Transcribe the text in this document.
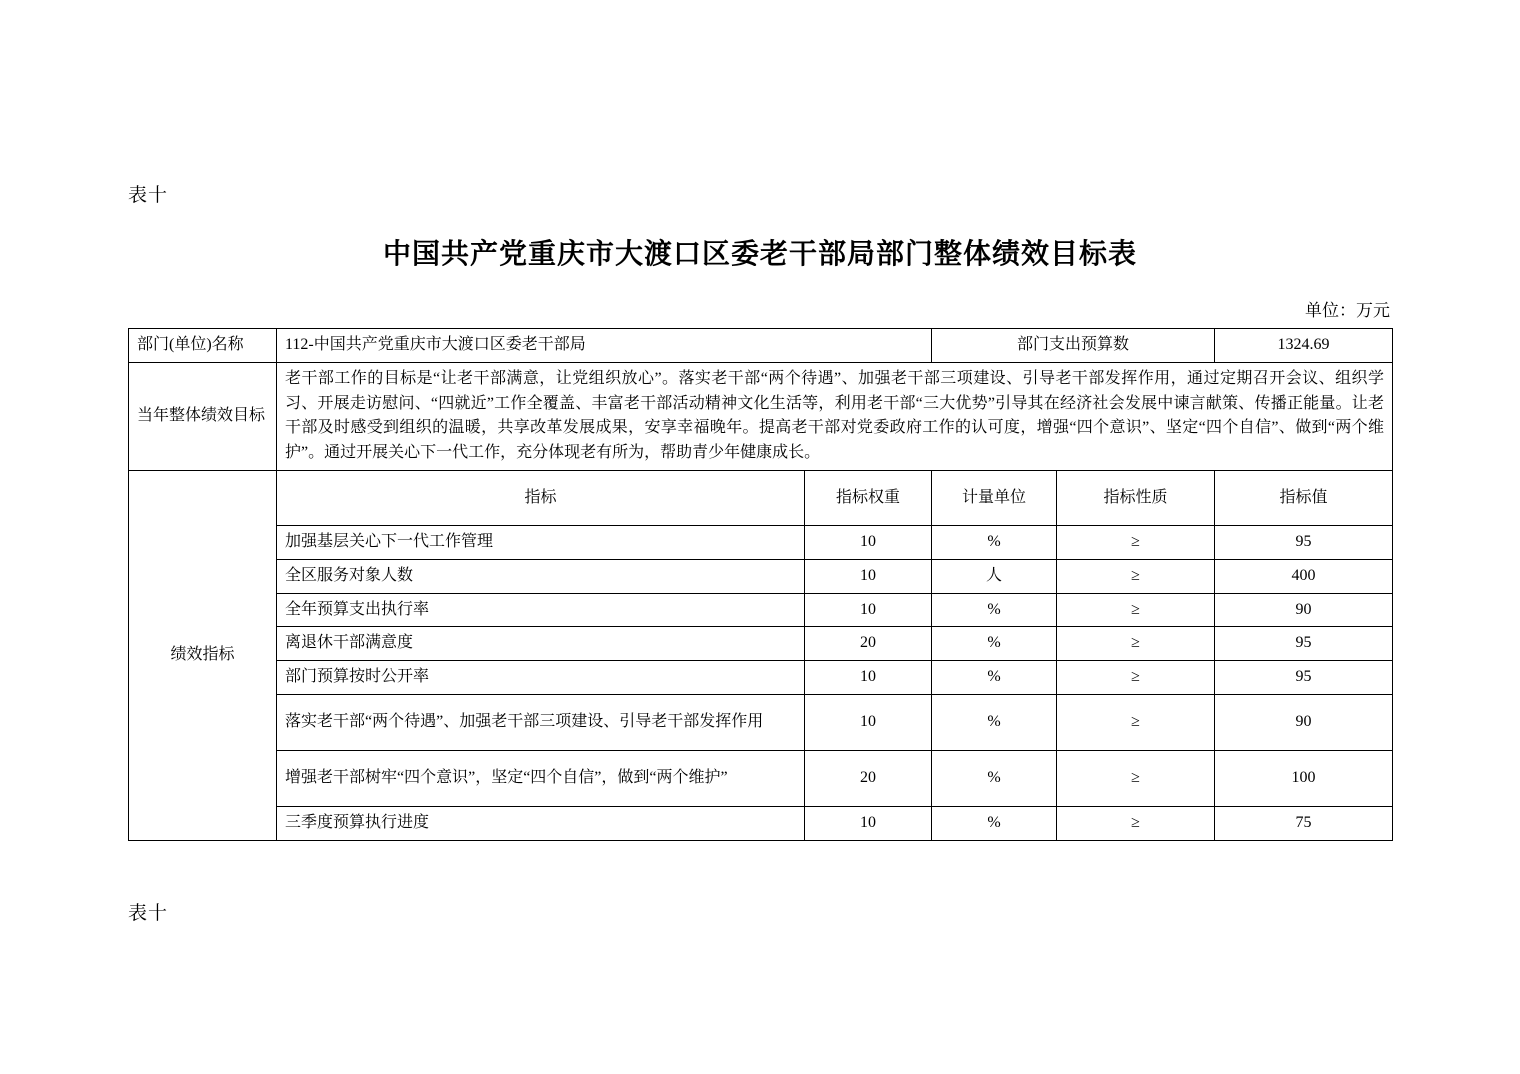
表十
中国共产党重庆市大渡口区委老干部局部门整体绩效目标表
单位：万元
部门(单位)名称	112-中国共产党重庆市大渡口区委老干部局		部门支出预算数		1324.69
当年整体绩效目标	老干部工作的目标是“让老干部满意，让党组织放心”。落实老干部“两个待遇”、加强老干部三项建设、引导老干部发挥作用，通过定期召开会议、组织学习、开展走访慰问、“四就近”工作全覆盖、丰富老干部活动精神文化生活等，利用老干部“三大优势”引导其在经济社会发展中谏言献策、传播正能量。让老干部及时感受到组织的温暖，共享改革发展成果，安享幸福晚年。提高老干部对党委政府工作的认可度，增强“四个意识”、坚定“四个自信”、做到“两个维护”。通过开展关心下一代工作，充分体现老有所为，帮助青少年健康成长。				
绩效指标	指标	指标权重	计量单位	指标性质	指标值
	加强基层关心下一代工作管理	10	%	≥	95
	全区服务对象人数	10	人	≥	400
	全年预算支出执行率	10	%	≥	90
	离退休干部满意度	20	%	≥	95
	部门预算按时公开率	10	%	≥	95
	落实老干部“两个待遇”、加强老干部三项建设、引导老干部发挥作用	10	%	≥	90
	增强老干部树牢“四个意识”，坚定“四个自信”，做到“两个维护”	20	%	≥	100
	三季度预算执行进度	10	%	≥	75
表十
